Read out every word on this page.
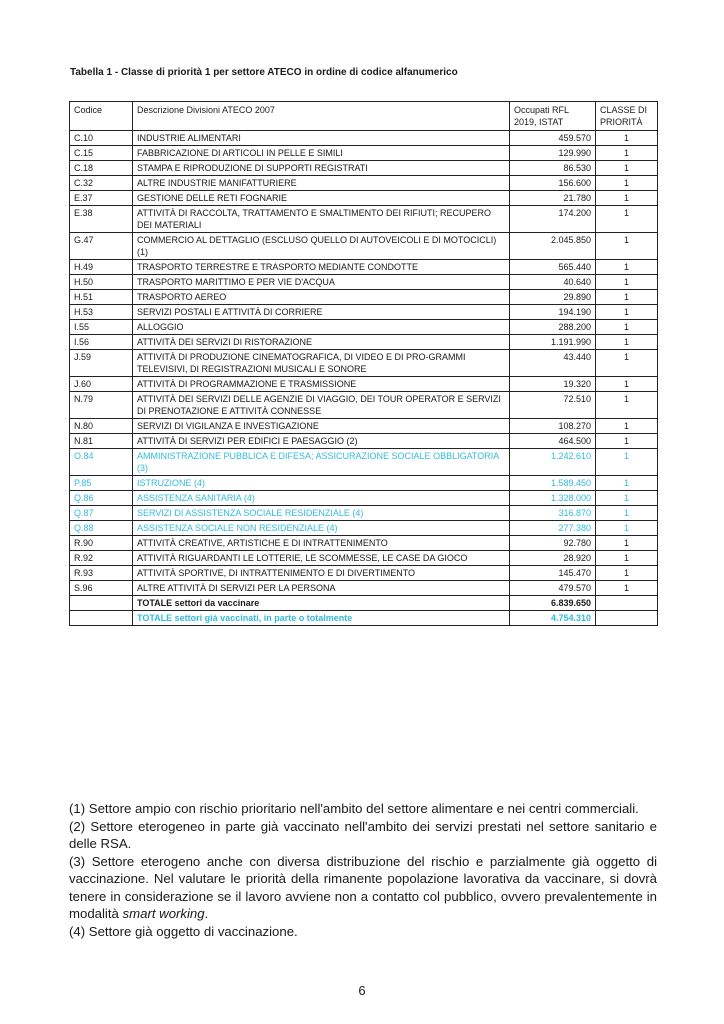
Tabella 1 - Classe di priorità 1 per settore ATECO in ordine di codice alfanumerico
Codice	Descrizione Divisioni ATECO 2007	Occupati RFL 2019, ISTAT	CLASSE DI PRIORITÀ
C.10	INDUSTRIE ALIMENTARI	459.570	1
C.15	FABBRICAZIONE DI ARTICOLI IN PELLE E SIMILI	129.990	1
C.18	STAMPA E RIPRODUZIONE DI SUPPORTI REGISTRATI	86.530	1
C.32	ALTRE INDUSTRIE MANIFATTURIERE	156.600	1
E.37	GESTIONE DELLE RETI FOGNARIE	21.780	1
E.38	ATTIVITÀ DI RACCOLTA, TRATTAMENTO E SMALTIMENTO DEI RIFIUTI; RECUPERO DEI MATERIALI	174.200	1
G.47	COMMERCIO AL DETTAGLIO (ESCLUSO QUELLO DI AUTOVEICOLI E DI MOTOCICLI) (1)	2.045.850	1
H.49	TRASPORTO TERRESTRE E TRASPORTO MEDIANTE CONDOTTE	565.440	1
H.50	TRASPORTO MARITTIMO E PER VIE D'ACQUA	40.640	1
H.51	TRASPORTO AEREO	29.890	1
H.53	SERVIZI POSTALI E ATTIVITÀ DI CORRIERE	194.190	1
I.55	ALLOGGIO	288.200	1
I.56	ATTIVITÀ DEI SERVIZI DI RISTORAZIONE	1.191.990	1
J.59	ATTIVITÀ DI PRODUZIONE CINEMATOGRAFICA, DI VIDEO E DI PRO-GRAMMI TELEVISIVI, DI REGISTRAZIONI MUSICALI E SONORE	43.440	1
J.60	ATTIVITÀ DI PROGRAMMAZIONE E TRASMISSIONE	19.320	1
N.79	ATTIVITÀ DEI SERVIZI DELLE AGENZIE DI VIAGGIO, DEI TOUR OPERATOR E SERVIZI DI PRENOTAZIONE E ATTIVITÀ CONNESSE	72.510	1
N.80	SERVIZI DI VIGILANZA E INVESTIGAZIONE	108.270	1
N.81	ATTIVITÀ DI SERVIZI PER EDIFICI E PAESAGGIO (2)	464.500	1
O.84	AMMINISTRAZIONE PUBBLICA E DIFESA; ASSICURAZIONE SOCIALE OBBLIGATORIA (3)	1.242.610	1
P.85	ISTRUZIONE (4)	1.589.450	1
Q.86	ASSISTENZA SANITARIA (4)	1.328.000	1
Q.87	SERVIZI DI ASSISTENZA SOCIALE RESIDENZIALE (4)	316.870	1
Q.88	ASSISTENZA SOCIALE NON RESIDENZIALE (4)	277.380	1
R.90	ATTIVITÀ CREATIVE, ARTISTICHE E DI INTRATTENIMENTO	92.780	1
R.92	ATTIVITÀ RIGUARDANTI LE LOTTERIE, LE SCOMMESSE, LE CASE DA GIOCO	28.920	1
R.93	ATTIVITÀ SPORTIVE, DI INTRATTENIMENTO E DI DIVERTIMENTO	145.470	1
S.96	ALTRE ATTIVITÀ DI SERVIZI PER LA PERSONA	479.570	1
	TOTALE settori da vaccinare	6.839.650	
	TOTALE settori già vaccinati, in parte o totalmente	4.754.310	

(1) Settore ampio con rischio prioritario nell'ambito del settore alimentare e nei centri commerciali.

(2) Settore eterogeneo in parte già vaccinato nell'ambito dei servizi prestati nel settore sanitario e delle RSA.

(3) Settore eterogeno anche con diversa distribuzione del rischio e parzialmente già oggetto di vaccinazione. Nel valutare le priorità della rimanente popolazione lavorativa da vaccinare, si dovrà tenere in considerazione se il lavoro avviene non a contatto col pubblico, ovvero prevalentemente in modalità smart working.

(4) Settore già oggetto di vaccinazione.

6
